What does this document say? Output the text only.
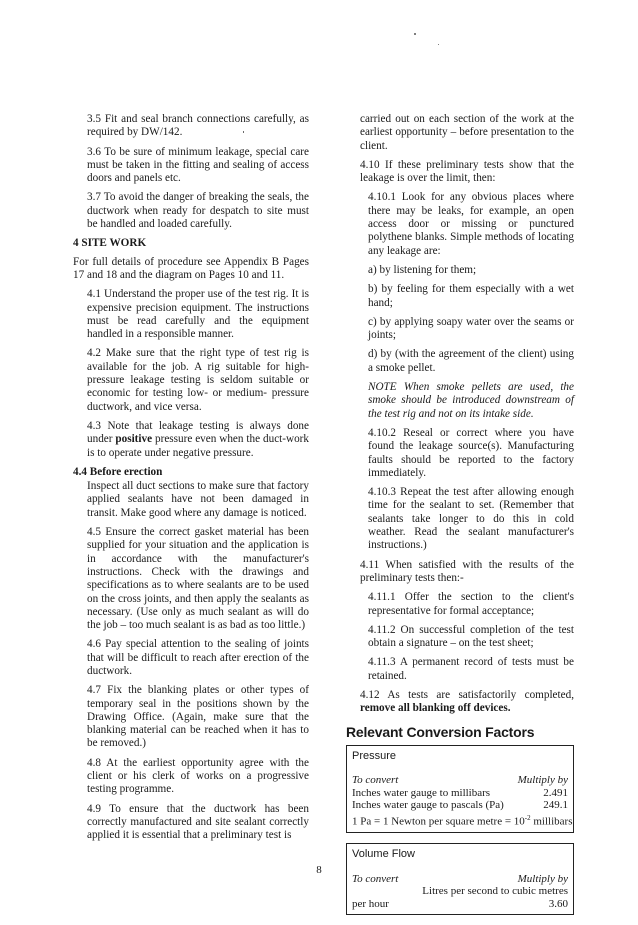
3.5 Fit and seal branch connections carefully, as required by DW/142.

3.6 To be sure of minimum leakage, special care must be taken in the fitting and sealing of access doors and panels etc.

3.7 To avoid the danger of breaking the seals, the ductwork when ready for despatch to site must be handled and loaded carefully.

4 SITE WORK

For full details of procedure see Appendix B Pages 17 and 18 and the diagram on Pages 10 and 11.

4.1 Understand the proper use of the test rig. It is expensive precision equipment. The instructions must be read carefully and the equipment handled in a responsible manner.

4.2 Make sure that the right type of test rig is available for the job. A rig suitable for high-pressure leakage testing is seldom suitable or economic for testing low- or medium- pressure ductwork, and vice versa.

4.3 Note that leakage testing is always done under positive pressure even when the duct-work is to operate under negative pressure.

4.4 Before erection

Inspect all duct sections to make sure that factory applied sealants have not been damaged in transit. Make good where any damage is noticed.

4.5 Ensure the correct gasket material has been supplied for your situation and the application is in accordance with the manufacturer's instructions. Check with the drawings and specifications as to where sealants are to be used on the cross joints, and then apply the sealants as necessary. (Use only as much sealant as will do the job – too much sealant is as bad as too little.)

4.6 Pay special attention to the sealing of joints that will be difficult to reach after erection of the ductwork.

4.7 Fix the blanking plates or other types of temporary seal in the positions shown by the Drawing Office. (Again, make sure that the blanking material can be reached when it has to be removed.)

4.8 At the earliest opportunity agree with the client or his clerk of works on a progressive testing programme.

4.9 To ensure that the ductwork has been correctly manufactured and site sealant correctly applied it is essential that a preliminary test is

carried out on each section of the work at the earliest opportunity – before presentation to the client.

4.10 If these preliminary tests show that the leakage is over the limit, then:

4.10.1 Look for any obvious places where there may be leaks, for example, an open access door or missing or punctured polythene blanks. Simple methods of locating any leakage are:

a) by listening for them;

b) by feeling for them especially with a wet hand;

c) by applying soapy water over the seams or joints;

d) by (with the agreement of the client) using a smoke pellet.

NOTE When smoke pellets are used, the smoke should be introduced downstream of the test rig and not on its intake side.

4.10.2 Reseal or correct where you have found the leakage source(s). Manufacturing faults should be reported to the factory immediately.

4.10.3 Repeat the test after allowing enough time for the sealant to set. (Remember that sealants take longer to do this in cold weather. Read the sealant manufacturer's instructions.)

4.11 When satisfied with the results of the preliminary tests then:-

4.11.1 Offer the section to the client's representative for formal acceptance;

4.11.2 On successful completion of the test obtain a signature – on the test sheet;

4.11.3 A permanent record of tests must be retained.

4.12 As tests are satisfactorily completed, remove all blanking off devices.

Relevant Conversion Factors
Pressure
To convert	Multiply by
Inches water gauge to millibars	2.491
Inches water gauge to pascals (Pa)	249.1
1 Pa = 1 Newton per square metre = $10^{-2}$ millibars
Volume Flow
To convert	Multiply by
Litres per second to cubic metres
per hour	3.60
8
